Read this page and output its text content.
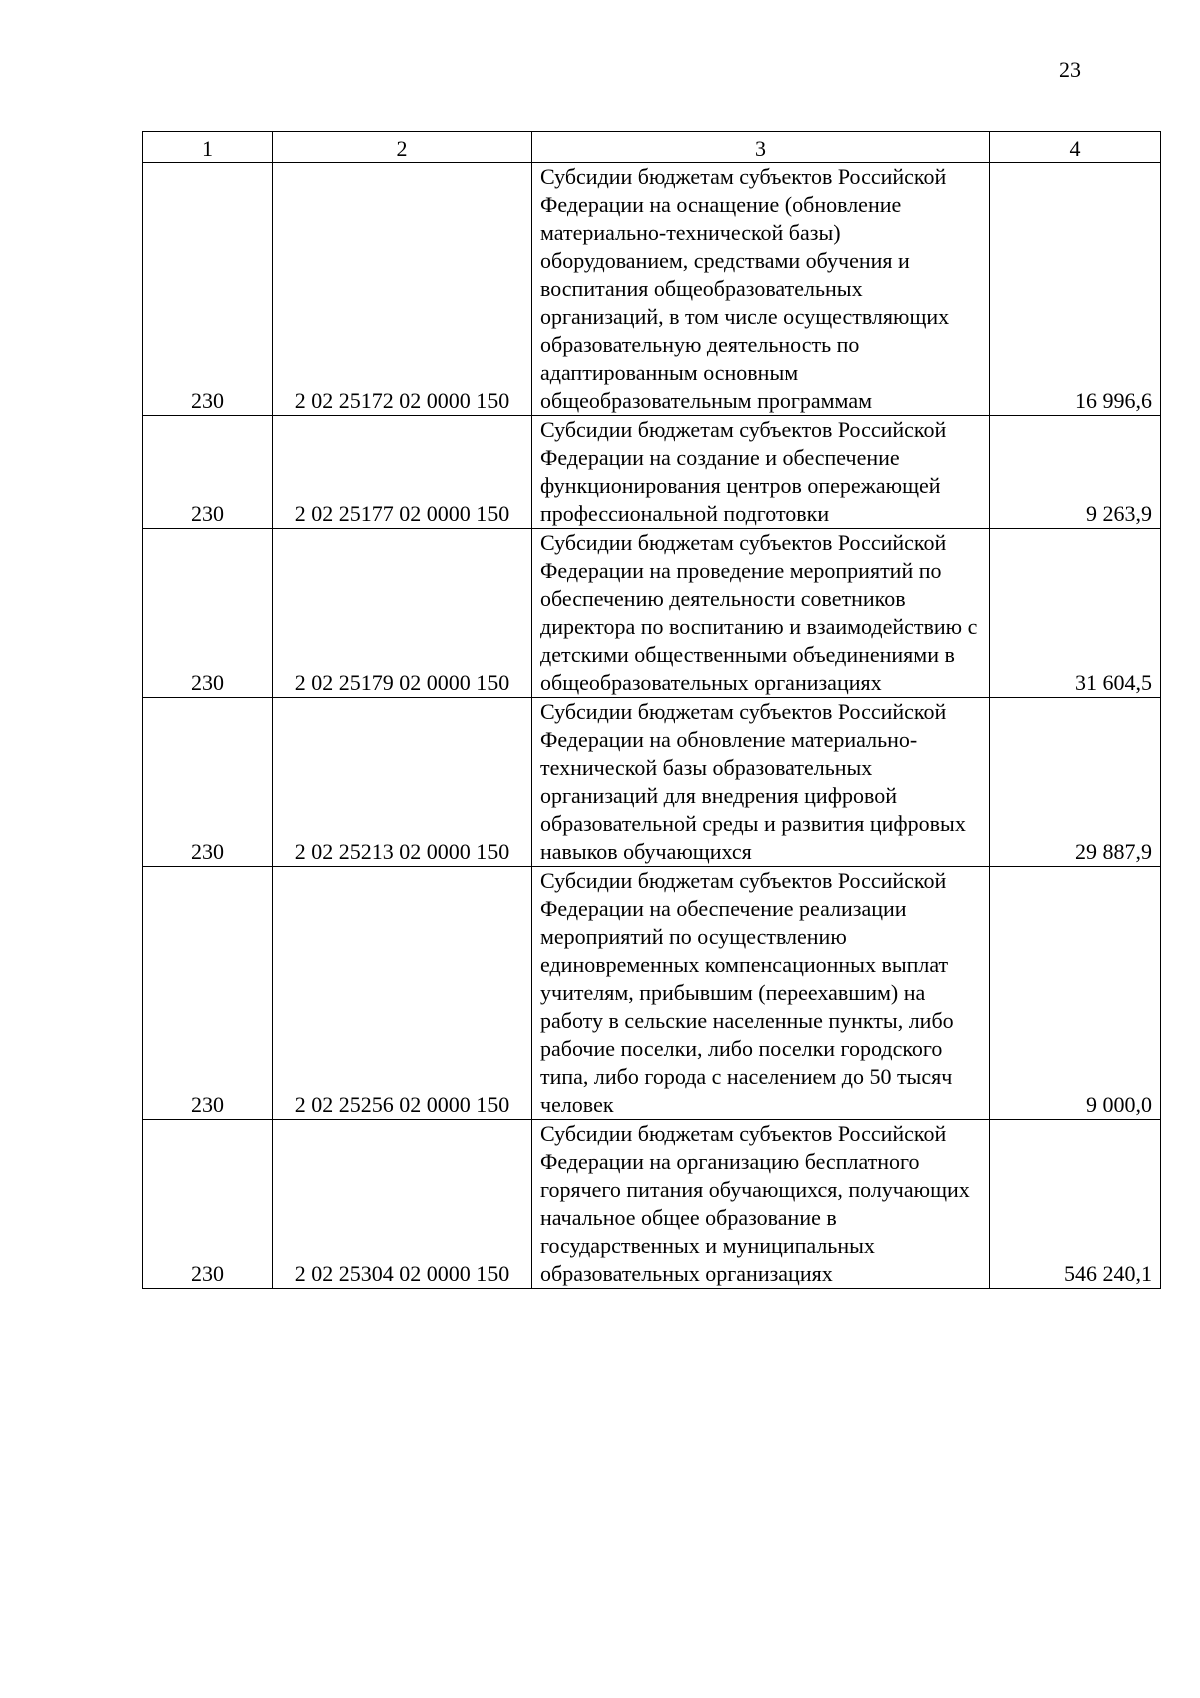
23
1	2	3	4
230	2 02 25172 02 0000 150	Субсидии бюджетам субъектов Российской Федерации на оснащение (обновление материально-технической базы) оборудованием, средствами обучения и воспитания общеобразовательных организаций, в том числе осуществляющих образовательную деятельность по адаптированным основным общеобразовательным программам	16 996,6
230	2 02 25177 02 0000 150	Субсидии бюджетам субъектов Российской Федерации на создание и обеспечение функционирования центров опережающей профессиональной подготовки	9 263,9
230	2 02 25179 02 0000 150	Субсидии бюджетам субъектов Российской Федерации на проведение мероприятий по обеспечению деятельности советников директора по воспитанию и взаимодействию с детскими общественными объединениями в общеобразовательных организациях	31 604,5
230	2 02 25213 02 0000 150	Субсидии бюджетам субъектов Российской Федерации на обновление материально-технической базы образовательных организаций для внедрения цифровой образовательной среды и развития цифровых навыков обучающихся	29 887,9
230	2 02 25256 02 0000 150	Субсидии бюджетам субъектов Российской Федерации на обеспечение реализации мероприятий по осуществлению единовременных компенсационных выплат учителям, прибывшим (переехавшим) на работу в сельские населенные пункты, либо рабочие поселки, либо поселки городского типа, либо города с населением до 50 тысяч человек	9 000,0
230	2 02 25304 02 0000 150	Субсидии бюджетам субъектов Российской Федерации на организацию бесплатного горячего питания обучающихся, получающих начальное общее образование в государственных и муниципальных образовательных организациях	546 240,1
